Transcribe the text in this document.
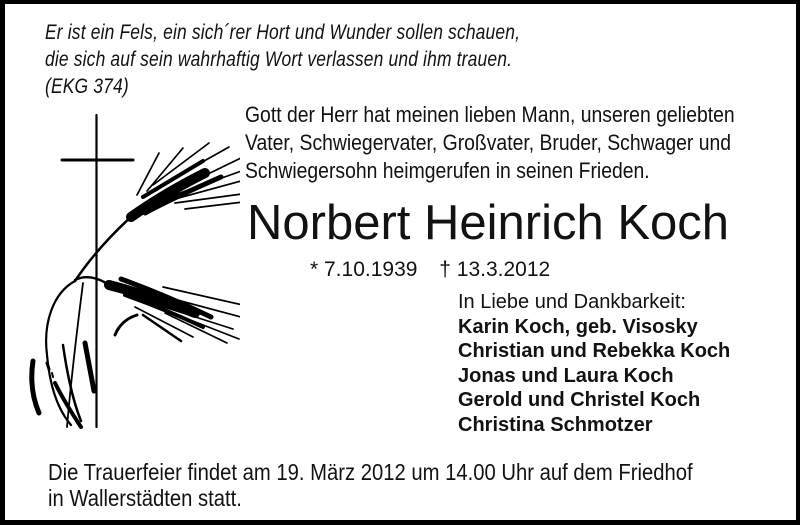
Er ist ein Fels, ein sich´rer Hort und Wunder sollen schauen,
die sich auf sein wahrhaftig Wort verlassen und ihm trauen.
(EKG 374)
Gott der Herr hat meinen lieben Mann, unseren geliebten
Vater, Schwiegervater, Großvater, Bruder, Schwager und
Schwiegersohn heimgerufen in seinen Frieden.
Norbert Heinrich Koch
* 7.10.1939 † 13.3.2012
In Liebe und Dankbarkeit:
Karin Koch, geb. Visosky
Christian und Rebekka Koch
Jonas und Laura Koch
Gerold und Christel Koch
Christina Schmotzer
Die Trauerfeier findet am 19. März 2012 um 14.00 Uhr auf dem Friedhof
in Wallerstädten statt.
